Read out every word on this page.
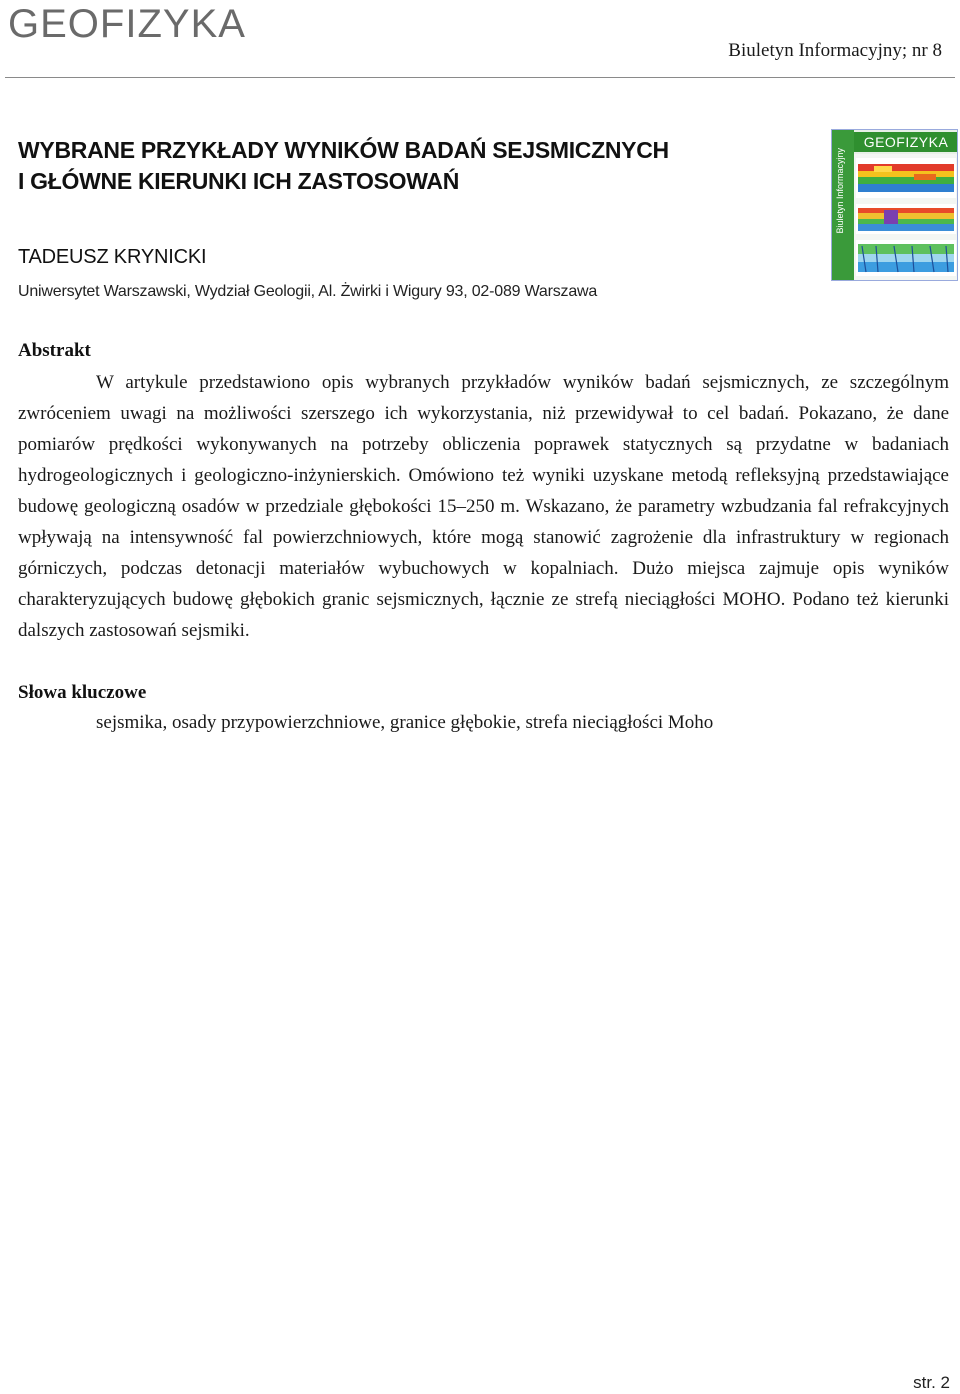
GEOFIZYKA
Biuletyn Informacyjny; nr 8
WYBRANE PRZYKŁADY WYNIKÓW BADAŃ SEJSMICZNYCH
I GŁÓWNE KIERUNKI ICH ZASTOSOWAŃ
TADEUSZ KRYNICKI
Uniwersytet Warszawski, Wydział Geologii, Al. Żwirki i Wigury 93, 02-089 Warszawa
Biuletyn Informacyjny
GEOFIZYKA
Abstrakt

W artykule przedstawiono opis wybranych przykładów wyników badań sejsmicznych, ze szczególnym zwróceniem uwagi na możliwości szerszego ich wykorzystania, niż przewidywał to cel badań. Pokazano, że dane pomiarów prędkości wykonywanych na potrzeby obliczenia poprawek statycznych są przydatne w badaniach hydrogeologicznych i geologiczno-inżynierskich. Omówiono też wyniki uzyskane metodą refleksyjną przedstawiające budowę geologiczną osadów w przedziale głębokości 15‒250 m. Wskazano, że parametry wzbudzania fal refrakcyjnych wpływają na intensywność fal powierzchniowych, które mogą stanowić zagrożenie dla infrastruktury w regionach górniczych, podczas detonacji materiałów wybuchowych w kopalniach. Dużo miejsca zajmuje opis wyników charakteryzujących budowę głębokich granic sejsmicznych, łącznie ze strefą nieciągłości MOHO. Podano też kierunki dalszych zastosowań sejsmiki.

Słowa kluczowe
sejsmika, osady przypowierzchniowe, granice głębokie, strefa nieciągłości Moho
str. 2
